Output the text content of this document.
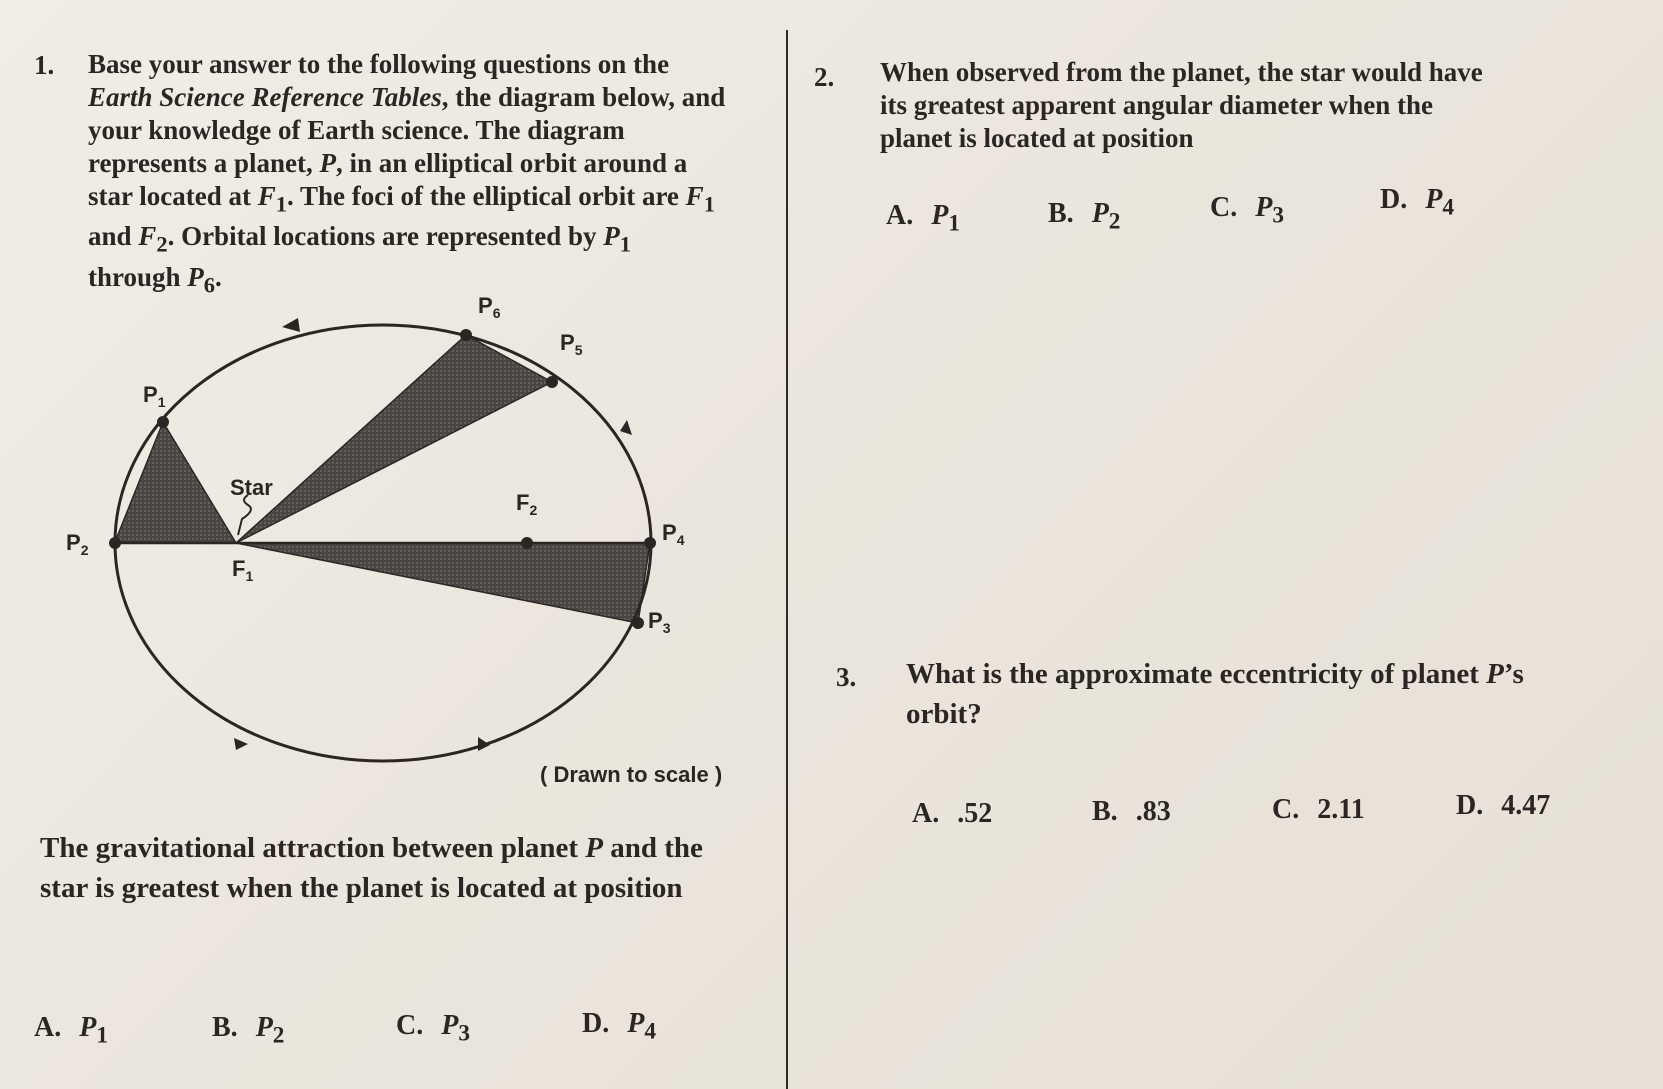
1. Base your answer to the following questions on the Earth Science Reference Tables, the diagram below, and your knowledge of Earth science. The diagram represents a planet, P, in an elliptical orbit around a star located at $F_1$. The foci of the elliptical orbit are $F_1$ and $F_2$. Orbital locations are represented by $P_1$ through $P_6$.
Star
$F_1$
$F_2$
$P_1$
$P_2$
$P_3$
$P_4$
$P_5$
$P_6$
( Drawn to scale )
The gravitational attraction between planet P and the star is greatest when the planet is located at position
A. $P_1$	B. $P_2$	C. $P_3$	D. $P_4$
2. When observed from the planet, the star would have its greatest apparent angular diameter when the planet is located at position
A. $P_1$	B. $P_2$	C. $P_3$
D. $P_4$
3. What is the approximate eccentricity of planet P’s orbit?
A. .52	B. .83	C. 2.11	D. 4.47
